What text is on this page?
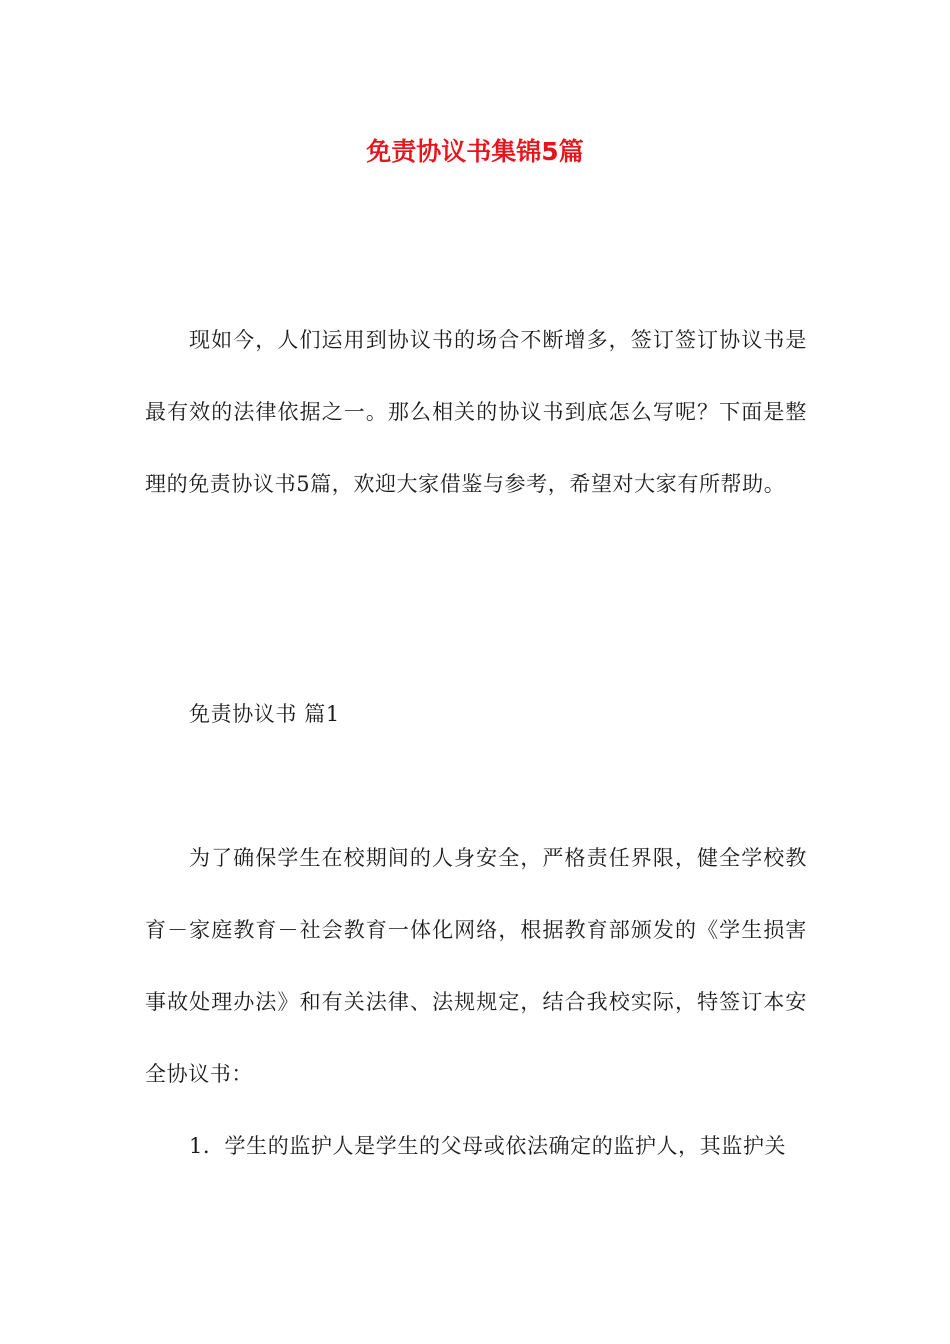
免责协议书集锦5篇

现如今，人们运用到协议书的场合不断增多，签订签订协议书是最有效的法律依据之一。那么相关的协议书到底怎么写呢？下面是整理的免责协议书5篇，欢迎大家借鉴与参考，希望对大家有所帮助。

免责协议书 篇1

为了确保学生在校期间的人身安全，严格责任界限，健全学校教育－家庭教育－社会教育一体化网络，根据教育部颁发的《学生损害事故处理办法》和有关法律、法规规定，结合我校实际，特签订本安全协议书：

1．学生的监护人是学生的父母或依法确定的监护人，其监护关
